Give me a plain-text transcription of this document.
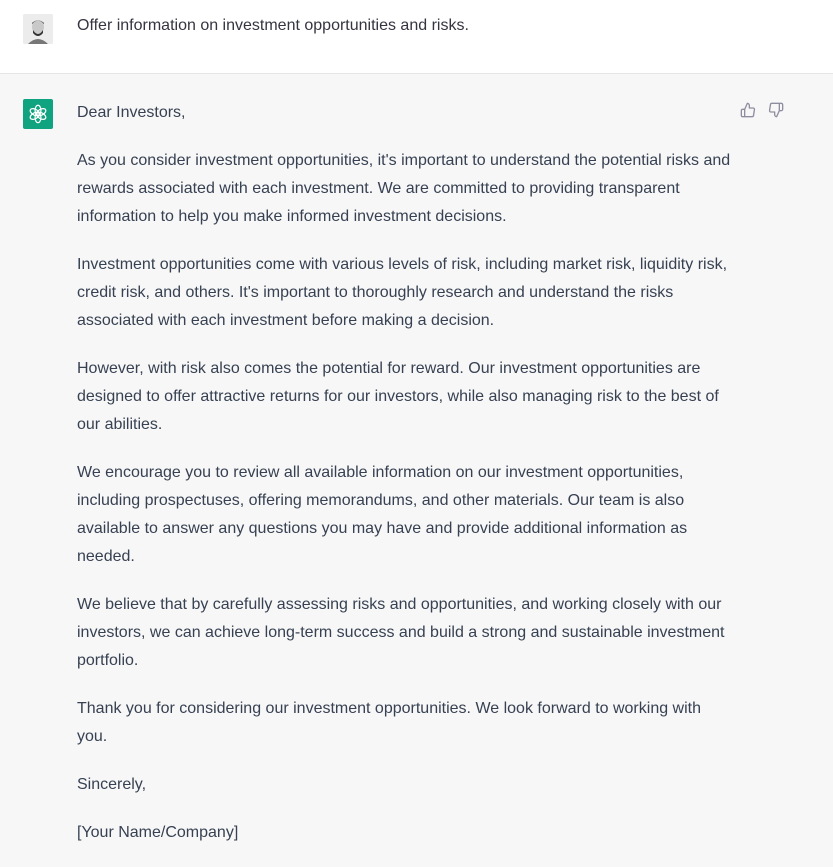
Offer information on investment opportunities and risks.

Dear Investors,

As you consider investment opportunities, it's important to understand the potential risks and rewards associated with each investment. We are committed to providing transparent information to help you make informed investment decisions.

Investment opportunities come with various levels of risk, including market risk, liquidity risk, credit risk, and others. It's important to thoroughly research and understand the risks associated with each investment before making a decision.

However, with risk also comes the potential for reward. Our investment opportunities are designed to offer attractive returns for our investors, while also managing risk to the best of our abilities.

We encourage you to review all available information on our investment opportunities, including prospectuses, offering memorandums, and other materials. Our team is also available to answer any questions you may have and provide additional information as needed.

We believe that by carefully assessing risks and opportunities, and working closely with our investors, we can achieve long-term success and build a strong and sustainable investment portfolio.

Thank you for considering our investment opportunities. We look forward to working with you.

Sincerely,

[Your Name/Company]
